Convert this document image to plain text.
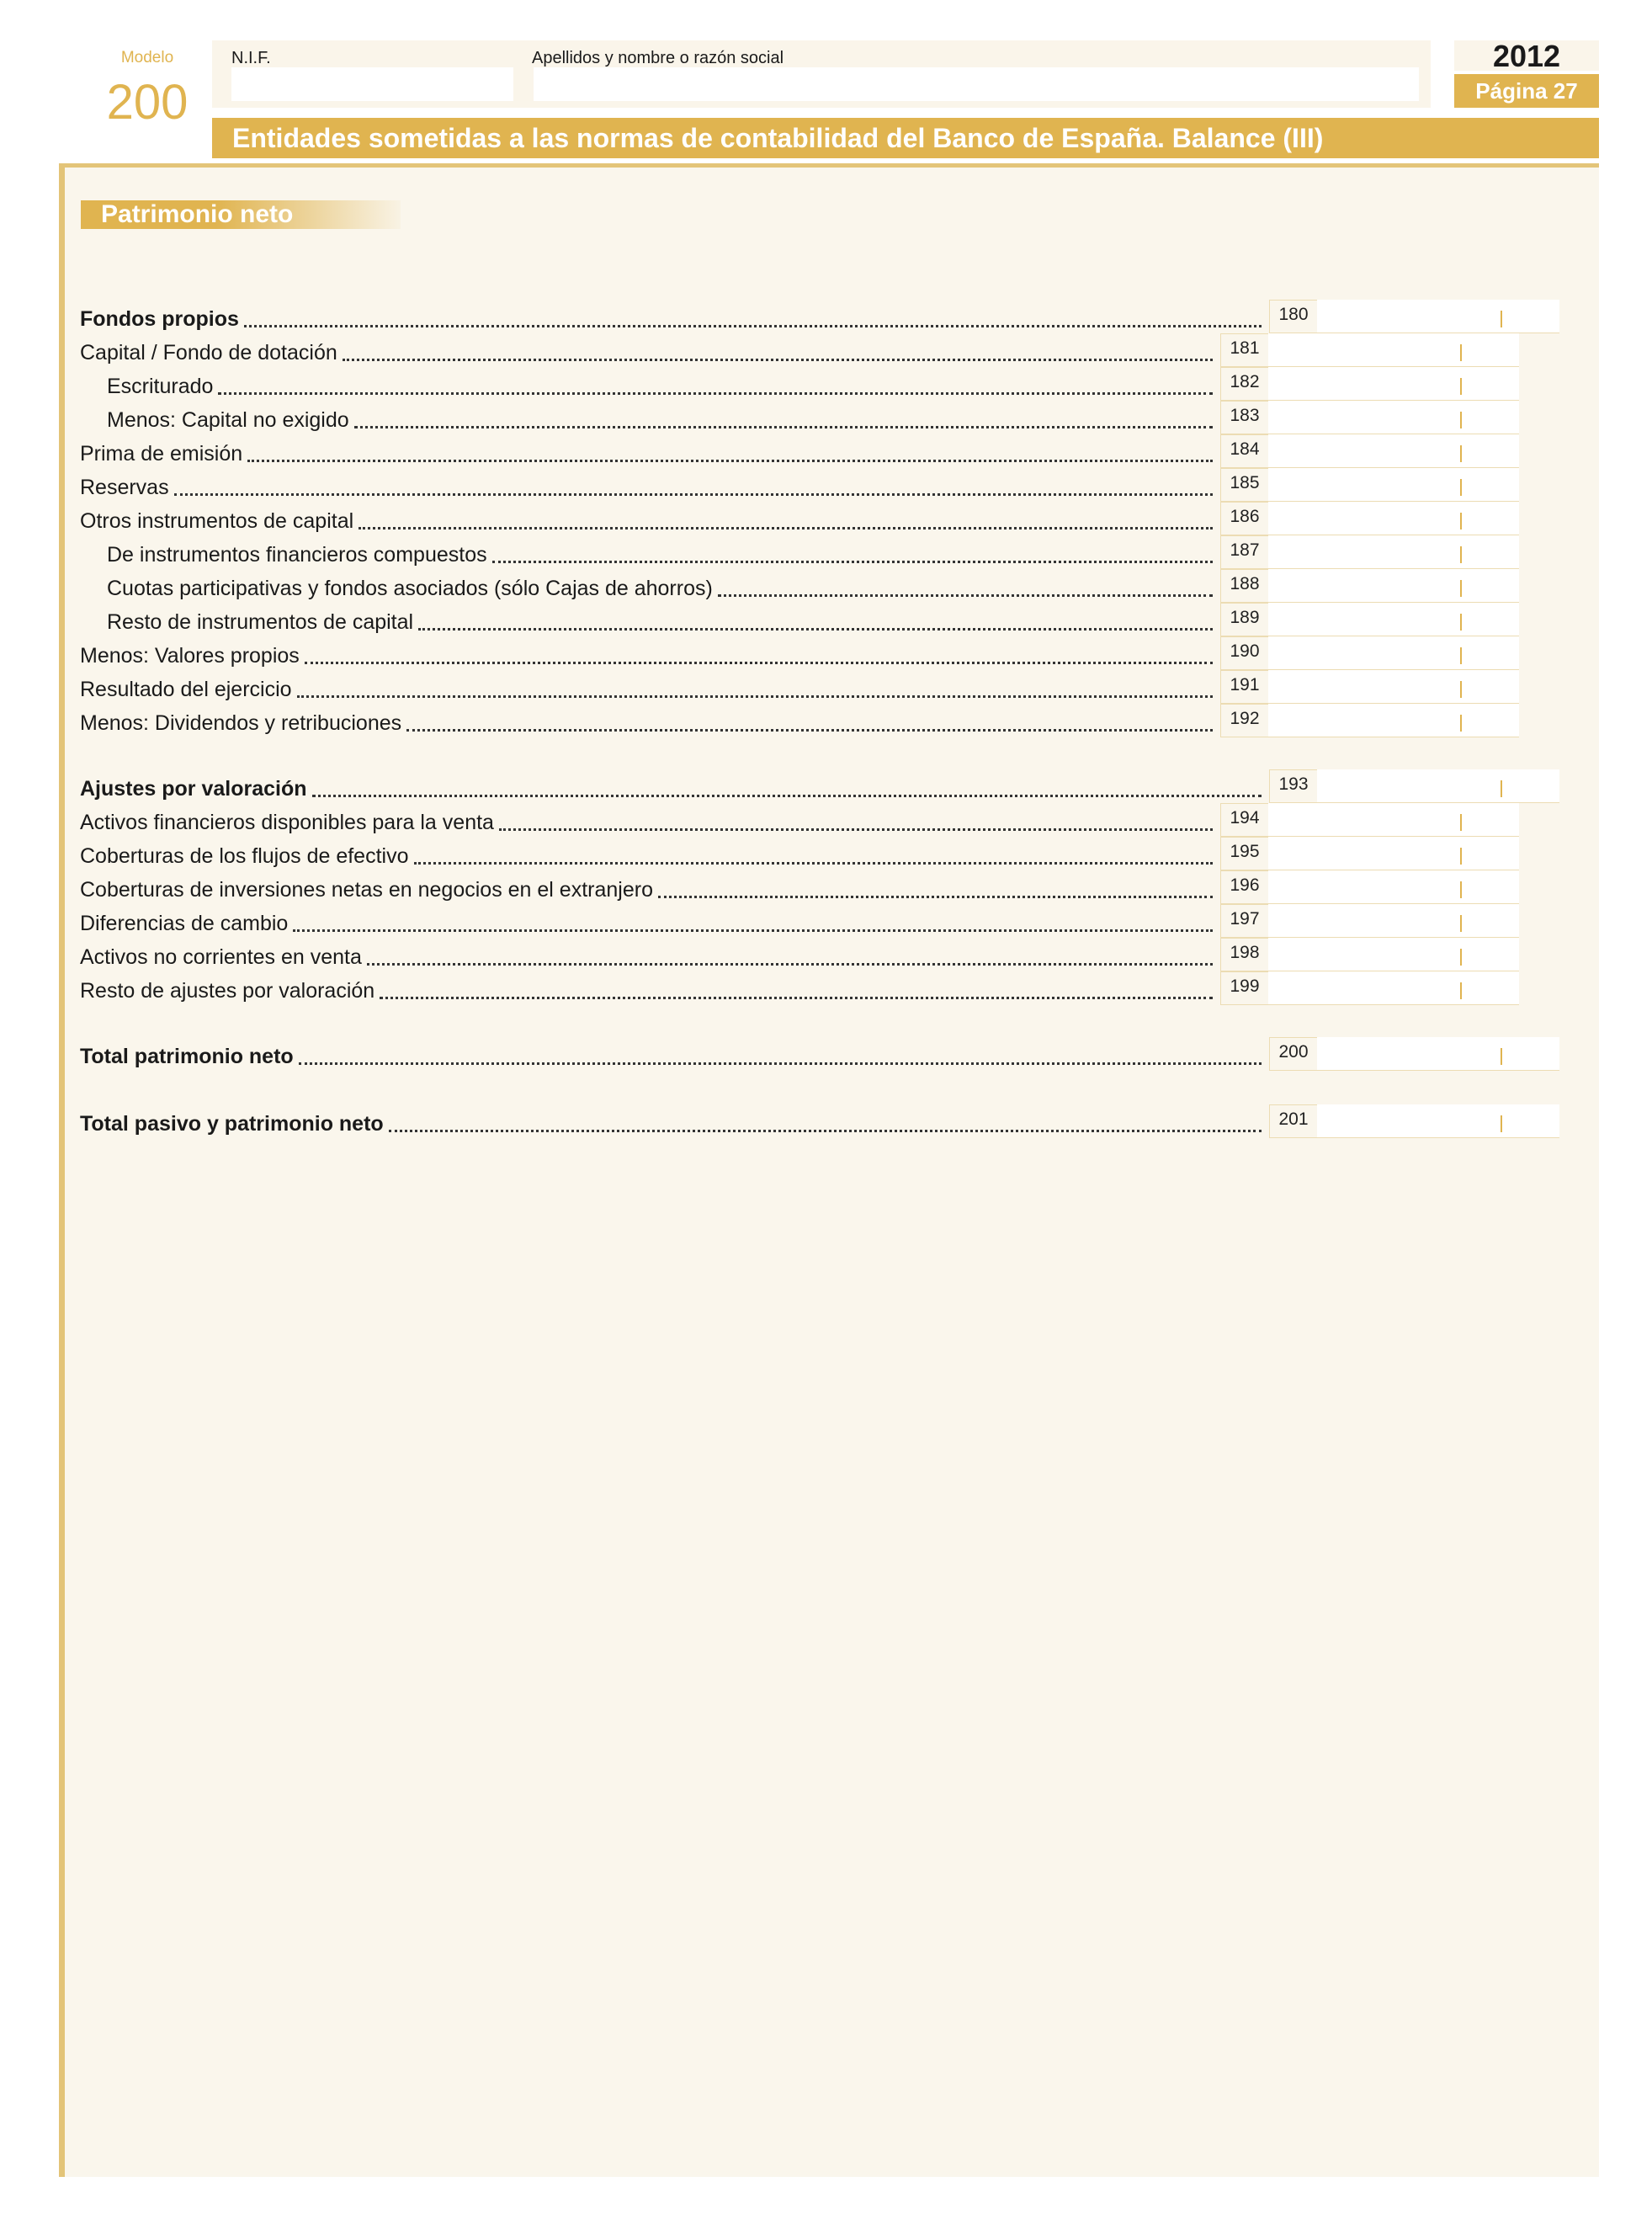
Modelo
200
N.I.F.	Apellidos y nombre o razón social	2012
Página 27
Entidades sometidas a las normas de contabilidad del Banco de España. Balance (III)
Patrimonio neto
Fondos propios	180
Capital / Fondo de dotación	181
Escriturado	182
Menos: Capital no exigido	183
Prima de emisión	184
Reservas	185
Otros instrumentos de capital	186
De instrumentos financieros compuestos	187
Cuotas participativas y fondos asociados (sólo Cajas de ahorros)	188
Resto de instrumentos de capital	189
Menos: Valores propios	190
Resultado del ejercicio	191
Menos: Dividendos y retribuciones	192
Ajustes por valoración	193
Activos financieros disponibles para la venta	194
Coberturas de los flujos de efectivo	195
Coberturas de inversiones netas en negocios en el extranjero	196
Diferencias de cambio	197
Activos no corrientes en venta	198
Resto de ajustes por valoración	199
Total patrimonio neto	200
Total pasivo y patrimonio neto	201
